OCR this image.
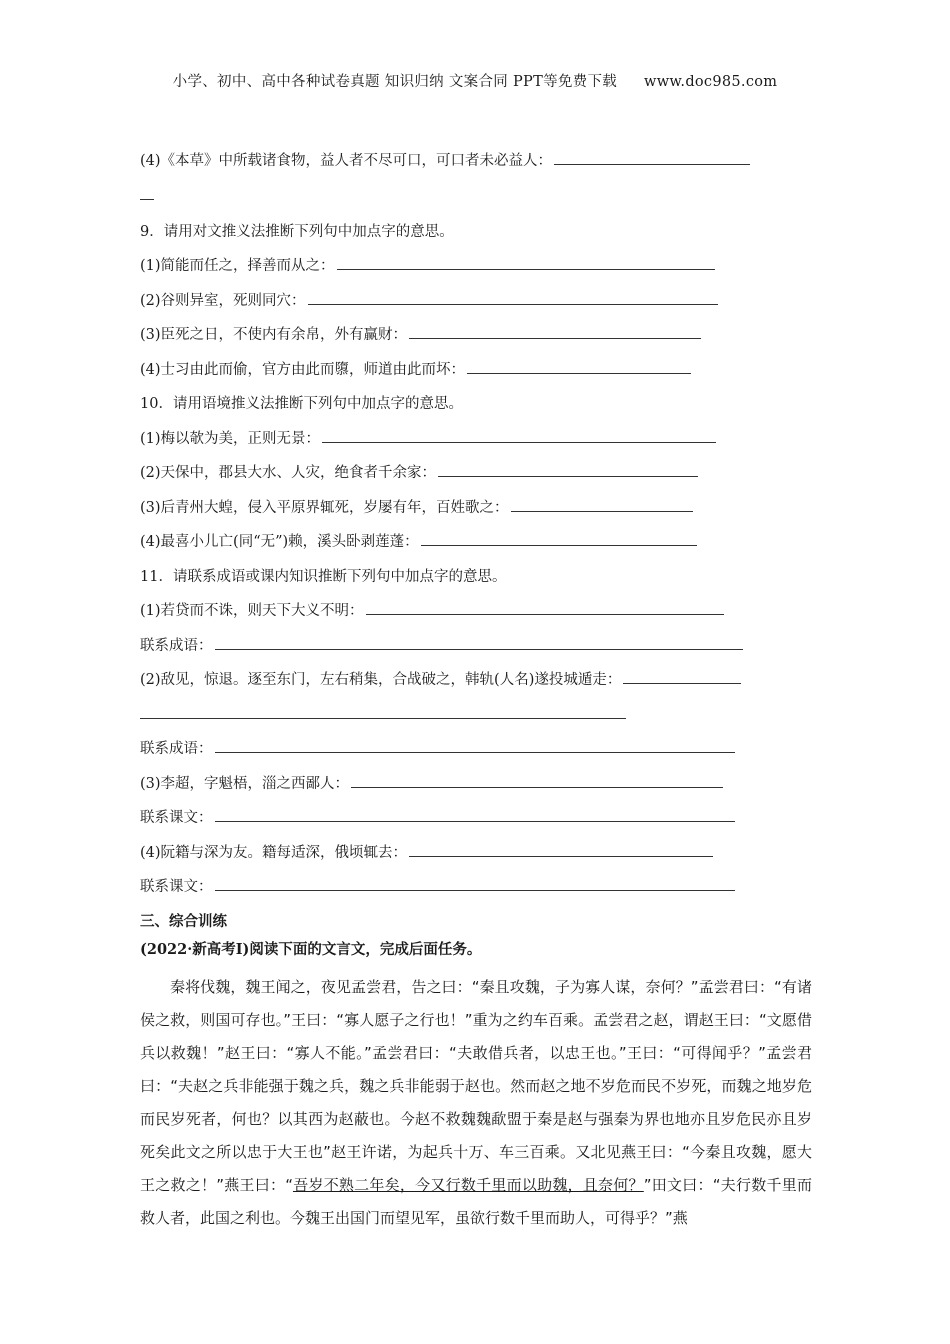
小学、初中、高中各种试卷真题 知识归纳 文案合同 PPT等免费下载 www.doc985.com
(4)《本草》中所载诸食物，益人者不尽可口，可口者未必益人：
9．请用对文推义法推断下列句中加点字的意思。
(1)简能而任之，择善而从之：
(2)谷则异室，死则同穴：
(3)臣死之日，不使内有余帛，外有赢财：
(4)士习由此而偷，官方由此而隳，师道由此而坏：
10．请用语境推义法推断下列句中加点字的意思。
(1)梅以欹为美，正则无景：
(2)天保中，郡县大水、人灾，绝食者千余家：
(3)后青州大蝗，侵入平原界辄死，岁屡有年，百姓歌之：
(4)最喜小儿亡(同“无”)赖，溪头卧剥莲蓬：
11．请联系成语或课内知识推断下列句中加点字的意思。
(1)若贷而不诛，则天下大义不明：
联系成语：
(2)敌见，惊退。逐至东门，左右稍集，合战破之，韩轨(人名)遂投城遁走：
联系成语：
(3)李超，字魁梧，淄之西鄙人：
联系课文：
(4)阮籍与深为友。籍每适深，俄顷辄去：
联系课文：
三、综合训练
(2022·新高考Ⅰ)阅读下面的文言文，完成后面任务。
秦将伐魏，魏王闻之，夜见孟尝君，告之曰：“秦且攻魏，子为寡人谋，奈何？”孟尝君曰：“有诸侯之救，则国可存也。”王曰：“寡人愿子之行也！”重为之约车百乘。孟尝君之赵，谓赵王曰：“文愿借兵以救魏！”赵王曰：“寡人不能。”孟尝君曰：“夫敢借兵者，以忠王也。”王曰：“可得闻乎？”孟尝君曰：“夫赵之兵非能强于魏之兵，魏之兵非能弱于赵也。然而赵之地不岁危而民不岁死，而魏之地岁危而民岁死者，何也？以其西为赵蔽也。今赵不救魏魏歃盟于秦是赵与强秦为界也地亦且岁危民亦且岁死矣此文之所以忠于大王也”赵王许诺，为起兵十万、车三百乘。又北见燕王曰：“今秦且攻魏，愿大王之救之！”燕王曰：“吾岁不熟二年矣，今又行数千里而以助魏，且奈何？”田文曰：“夫行数千里而救人者，此国之利也。今魏王出国门而望见军，虽欲行数千里而助人，可得乎？”燕
